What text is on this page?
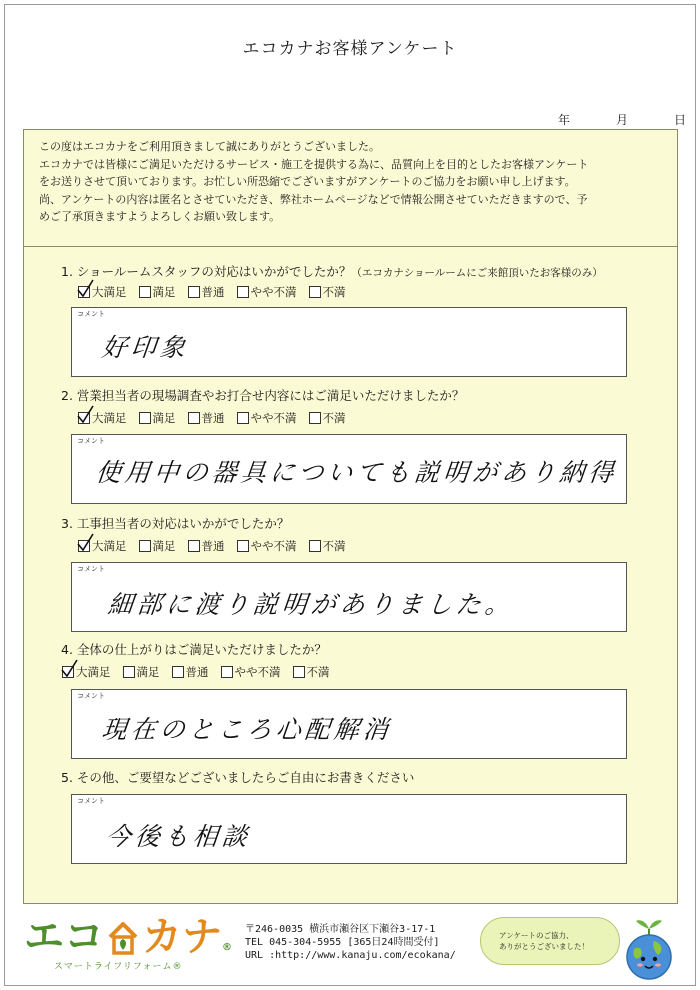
エコカナお客様アンケート
年	月	日
この度はエコカナをご利用頂きまして誠にありがとうございました。
エコカナでは皆様にご満足いただけるサービス・施工を提供する為に、品質向上を目的としたお客様アンケート
をお送りさせて頂いております。お忙しい所恐縮でございますがアンケートのご協力をお願い申し上げます。
尚、アンケートの内容は匿名とさせていただき、弊社ホームページなどで情報公開させていただきますので、予
めご了承頂きますようよろしくお願い致します。
1. ショールームスタッフの対応はいかがでしたか？（エコカナショールームにご来館頂いたお客様のみ）
大満足 満足 普通 やや不満 不満
コメント
好印象
2. 営業担当者の現場調査やお打合せ内容にはご満足いただけましたか？
大満足 満足 普通 やや不満 不満
コメント
使用中の器具についても説明があり納得
3. 工事担当者の対応はいかがでしたか？
大満足 満足 普通 やや不満 不満
コメント
細部に渡り説明がありました。
4. 全体の仕上がりはご満足いただけましたか？
大満足 満足 普通 やや不満 不満
コメント
現在のところ心配解消
5. その他、ご要望などございましたらご自由にお書きください
コメント
今後も相談
エコ カナ ®
スマートライフリフォーム®
〒246-0035 横浜市瀬谷区下瀬谷3-17-1
TEL 045-304-5955 [365日24時間受付]
URL :http://www.kanaju.com/ecokana/
アンケートのご協力、
ありがとうございました！
